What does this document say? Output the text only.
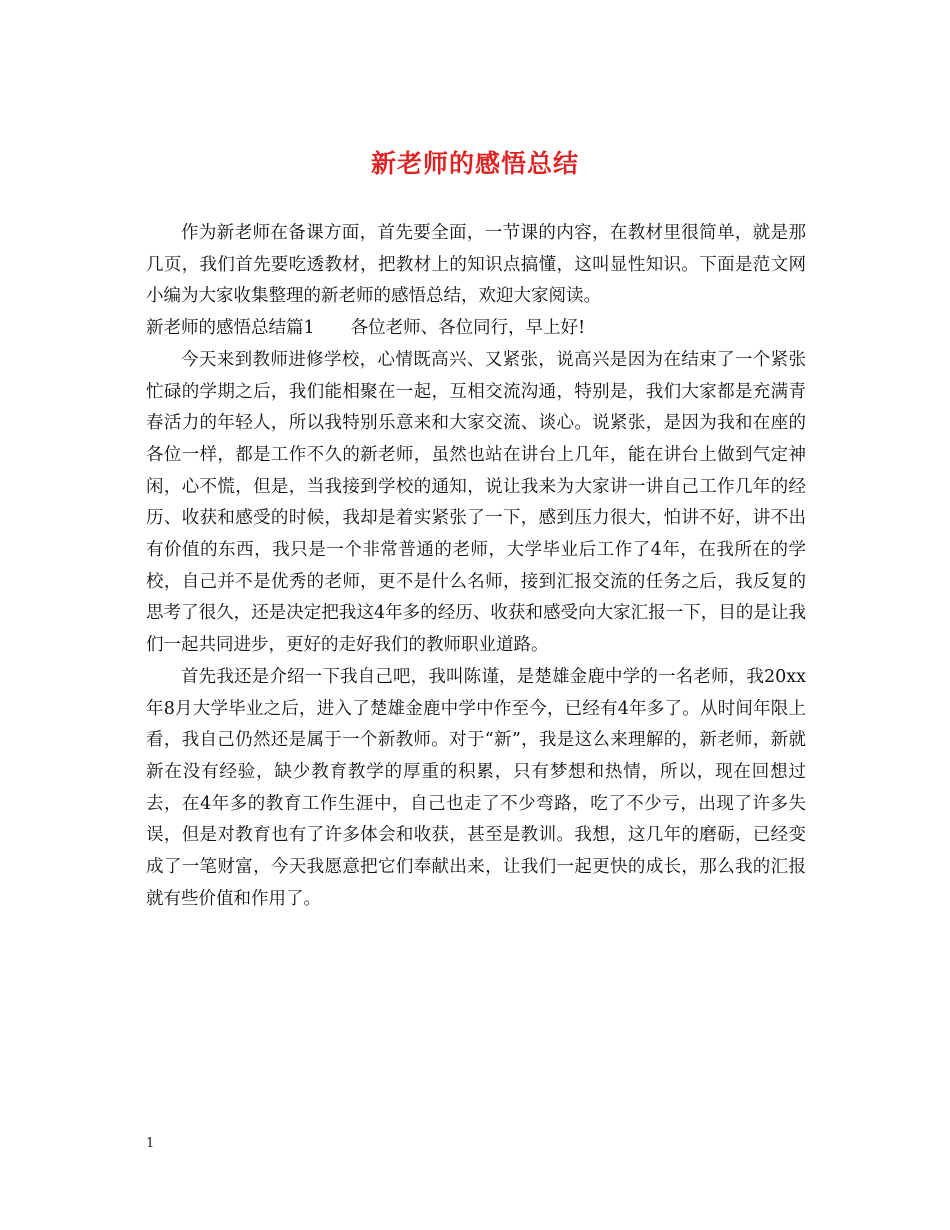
新老师的感悟总结

作为新老师在备课方面，首先要全面，一节课的内容，在教材里很简单，就是那几页，我们首先要吃透教材，把教材上的知识点搞懂，这叫显性知识。下面是范文网小编为大家收集整理的新老师的感悟总结，欢迎大家阅读。

新老师的感悟总结篇1 各位老师、各位同行，早上好!

今天来到教师进修学校，心情既高兴、又紧张，说高兴是因为在结束了一个紧张忙碌的学期之后，我们能相聚在一起，互相交流沟通，特别是，我们大家都是充满青春活力的年轻人，所以我特别乐意来和大家交流、谈心。说紧张，是因为我和在座的各位一样，都是工作不久的新老师，虽然也站在讲台上几年，能在讲台上做到气定神闲，心不慌，但是，当我接到学校的通知，说让我来为大家讲一讲自己工作几年的经历、收获和感受的时候，我却是着实紧张了一下，感到压力很大，怕讲不好，讲不出有价值的东西，我只是一个非常普通的老师，大学毕业后工作了4年，在我所在的学校，自己并不是优秀的老师，更不是什么名师，接到汇报交流的任务之后，我反复的思考了很久，还是决定把我这4年多的经历、收获和感受向大家汇报一下，目的是让我们一起共同进步，更好的走好我们的教师职业道路。

首先我还是介绍一下我自己吧，我叫陈谨，是楚雄金鹿中学的一名老师，我20xx年8月大学毕业之后，进入了楚雄金鹿中学中作至今，已经有4年多了。从时间年限上看，我自己仍然还是属于一个新教师。对于“新”，我是这么来理解的，新老师，新就新在没有经验，缺少教育教学的厚重的积累，只有梦想和热情，所以，现在回想过去，在4年多的教育工作生涯中，自己也走了不少弯路，吃了不少亏，出现了许多失误，但是对教育也有了许多体会和收获，甚至是教训。我想，这几年的磨砺，已经变成了一笔财富，今天我愿意把它们奉献出来，让我们一起更快的成长，那么我的汇报就有些价值和作用了。

1
